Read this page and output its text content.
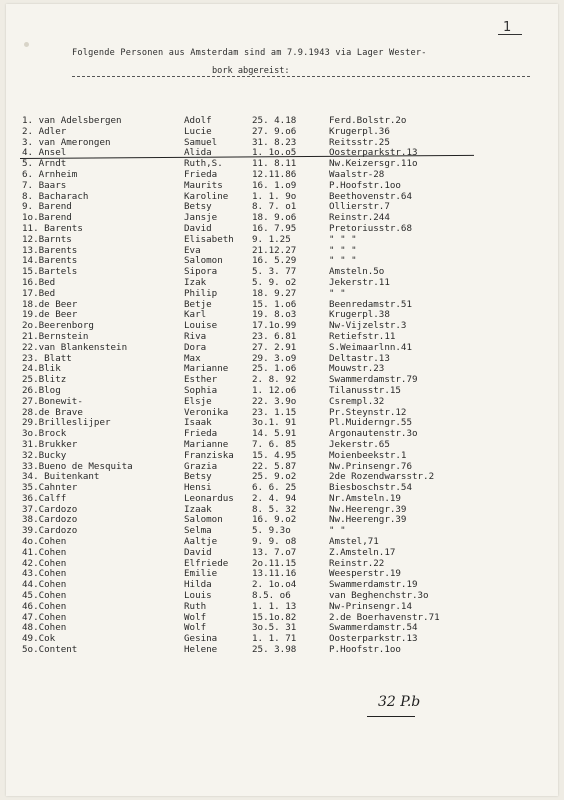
1
Folgende Personen aus Amsterdam sind am 7.9.1943 via Lager Wester-
bork abgereist:
1. van Adelsbergen	Adolf	25. 4.18	Ferd.Bolstr.2o
2. Adler	Lucie	27. 9.o6	Krugerpl.36
3. van Amerongen	Samuel	31. 8.23	Reitsstr.25
4. Ansel	Alida	1. 1o.o5	Oosterparkstr.13
5. Arndt	Ruth,S.	11. 8.11	Nw.Keizersgr.11o
6. Arnheim	Frieda	12.11.86	Waalstr-28
7. Baars	Maurits	16. 1.o9	P.Hoofstr.1oo
8. Bacharach	Karoline	1. 1. 9o	Beethovenstr.64
9. Barend	Betsy	8. 7. o1	Ollierstr.7
1o.Barend	Jansje	18. 9.o6	Reinstr.244
11. Barents	David	16. 7.95	Pretoriusstr.68
12.Barnts	Elisabeth 9. 1.25	" " "
13.Barents	Eva	21.12.27	" " "
14.Barents	Salomon	16. 5.29	" " "
15.Bartels	Sipora	5. 3. 77	Amsteln.5o
16.Bed	Izak	5. 9. o2	Jekerstr.11
17.Bed	Philip	18. 9.27	" "
18.de Beer	Betje	15. 1.o6	Beenredamstr.51
19.de Beer	Karl	19. 8.o3	Krugerpl.38
2o.Beerenborg	Louise	17.1o.99	Nw-Vijzelstr.3
21.Bernstein	Riva	23. 6.81	Retiefstr.11
22.van Blankenstein	Dora	27. 2.91	S.Weimaarlnn.41
23. Blatt	Max	29. 3.o9	Deltastr.13
24.Blik	Marianne	25. 1.o6	Mouwstr.23
25.Blitz	Esther	2. 8. 92	Swammerdamstr.79
26.Blog	Sophia	1. 12.o6	Tilanusstr.15
27.Bonewit-	Elsje	22. 3.9o	Csrempl.32
28.de Brave	Veronika	23. 1.15	Pr.Steynstr.12
29.Brilleslijper	Isaak	3o.1. 91	Pl.Muiderngr.55
3o.Brock	Frieda	14. 5.91	Argonautenstr.3o
31.Brukker	Marianne	7. 6. 85	Jekerstr.65
32.Bucky	Franziska 15. 4.95	Moienbeekstr.1
33.Bueno de Mesquita	Grazia	22. 5.87	Nw.Prinsengr.76
34. Buitenkant	Betsy	25. 9.o2	2de Rozendwarsstr.2
35.Cahnter	Hensi	6. 6. 25	Biesboschstr.54
36.Calff	Leonardus 2. 4. 94	Nr.Amsteln.19
37.Cardozo	Izaak	8. 5. 32	Nw.Heerengr.39
38.Cardozo	Salomon	16. 9.o2	Nw.Heerengr.39
39.Cardozo	Selma	5. 9.3o	" "
4o.Cohen	Aaltje	9. 9. o8	Amstel,71
41.Cohen	David	13. 7.o7	Z.Amsteln.17
42.Cohen	Elfriede	2o.11.15	Reinstr.22
43.Cohen	Emilie	13.11.16	Weesperstr.19
44.Cohen	Hilda	2. 1o.o4	Swammerdamstr.19
45.Cohen	Louis	8.5. o6	van Beghenchstr.3o
46.Cohen	Ruth	1. 1. 13	Nw-Prinsengr.14
47.Cohen	Wolf	15.1o.82	2.de Boerhavenstr.71
48.Cohen	Wolf	3o.5. 31	Swammerdamstr.54
49.Cok	Gesina	1. 1. 71	Oosterparkstr.13
5o.Content	Helene	25. 3.98	P.Hoofstr.1oo
32 P.b
